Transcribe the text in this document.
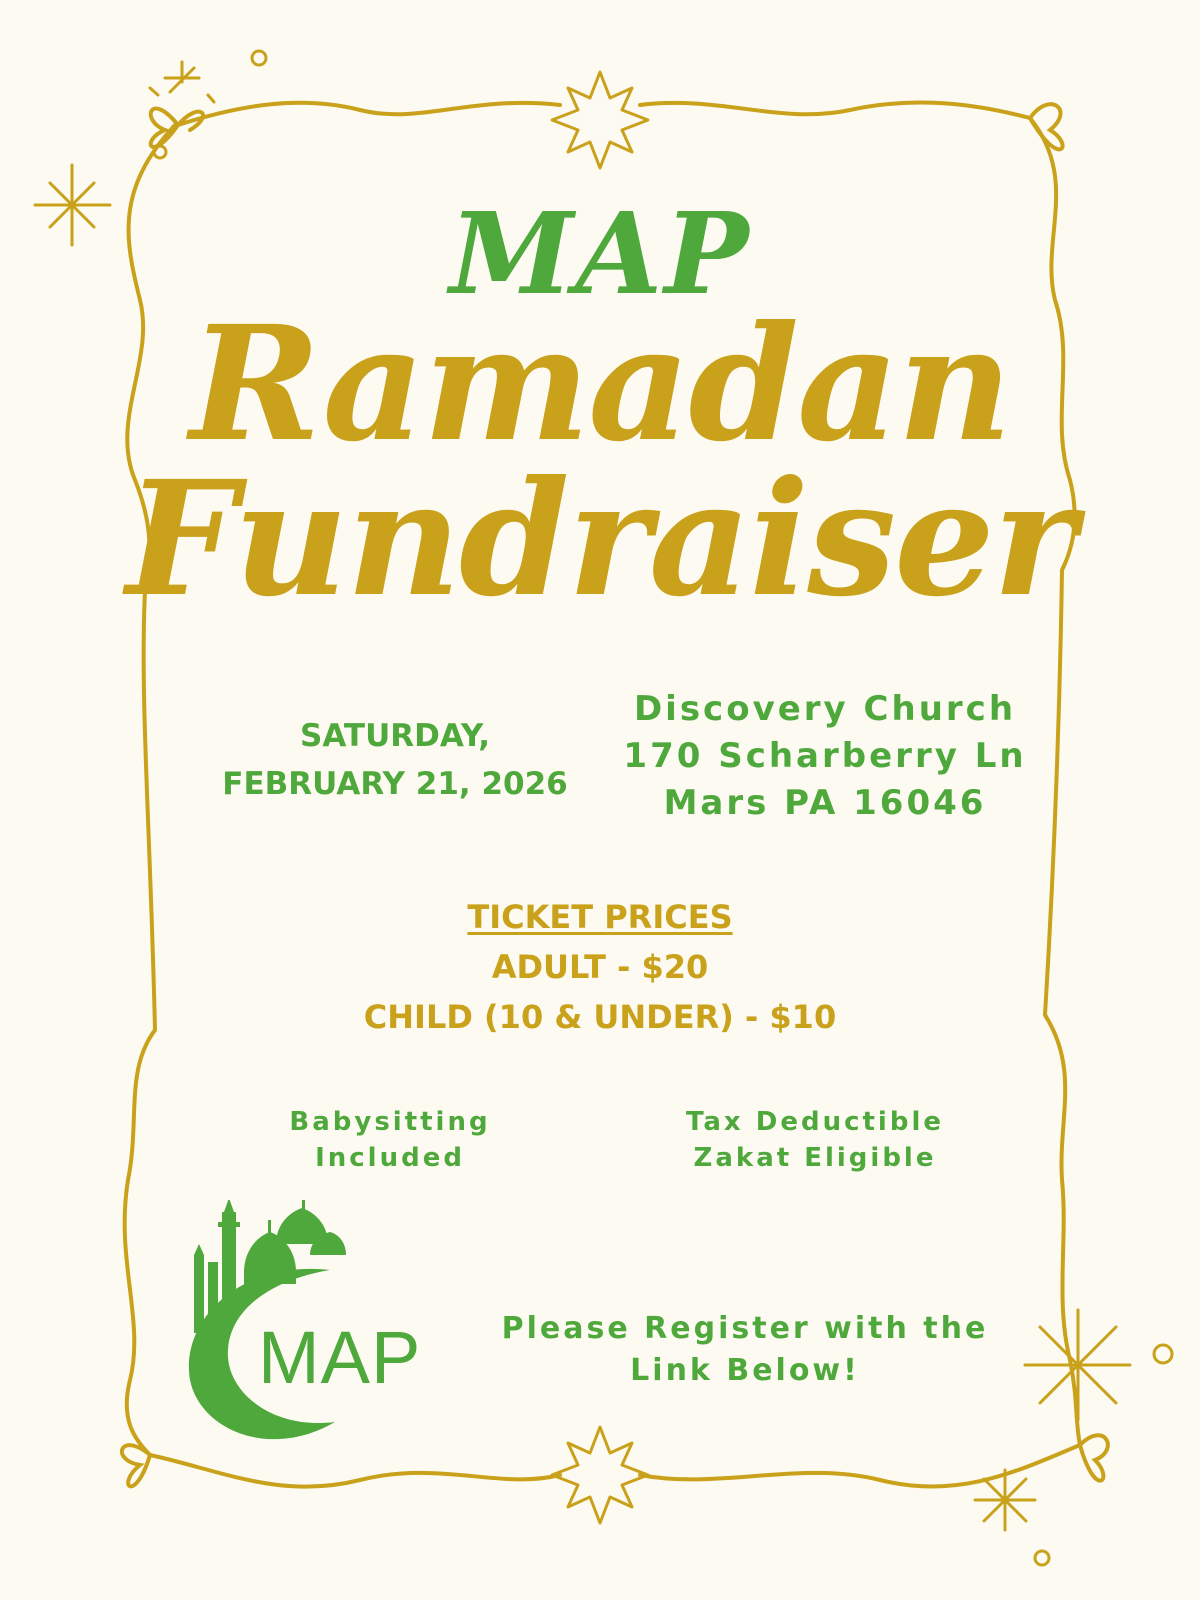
MAP
Ramadan
Fundraiser
SATURDAY,
FEBRUARY 21, 2026
Discovery Church
170 Scharberry Ln
Mars PA 16046
TICKET PRICES
ADULT - $20
CHILD (10 & UNDER) - $10
Babysitting
Included
Tax Deductible
Zakat Eligible
MAP	Please Register with the
Link Below!
